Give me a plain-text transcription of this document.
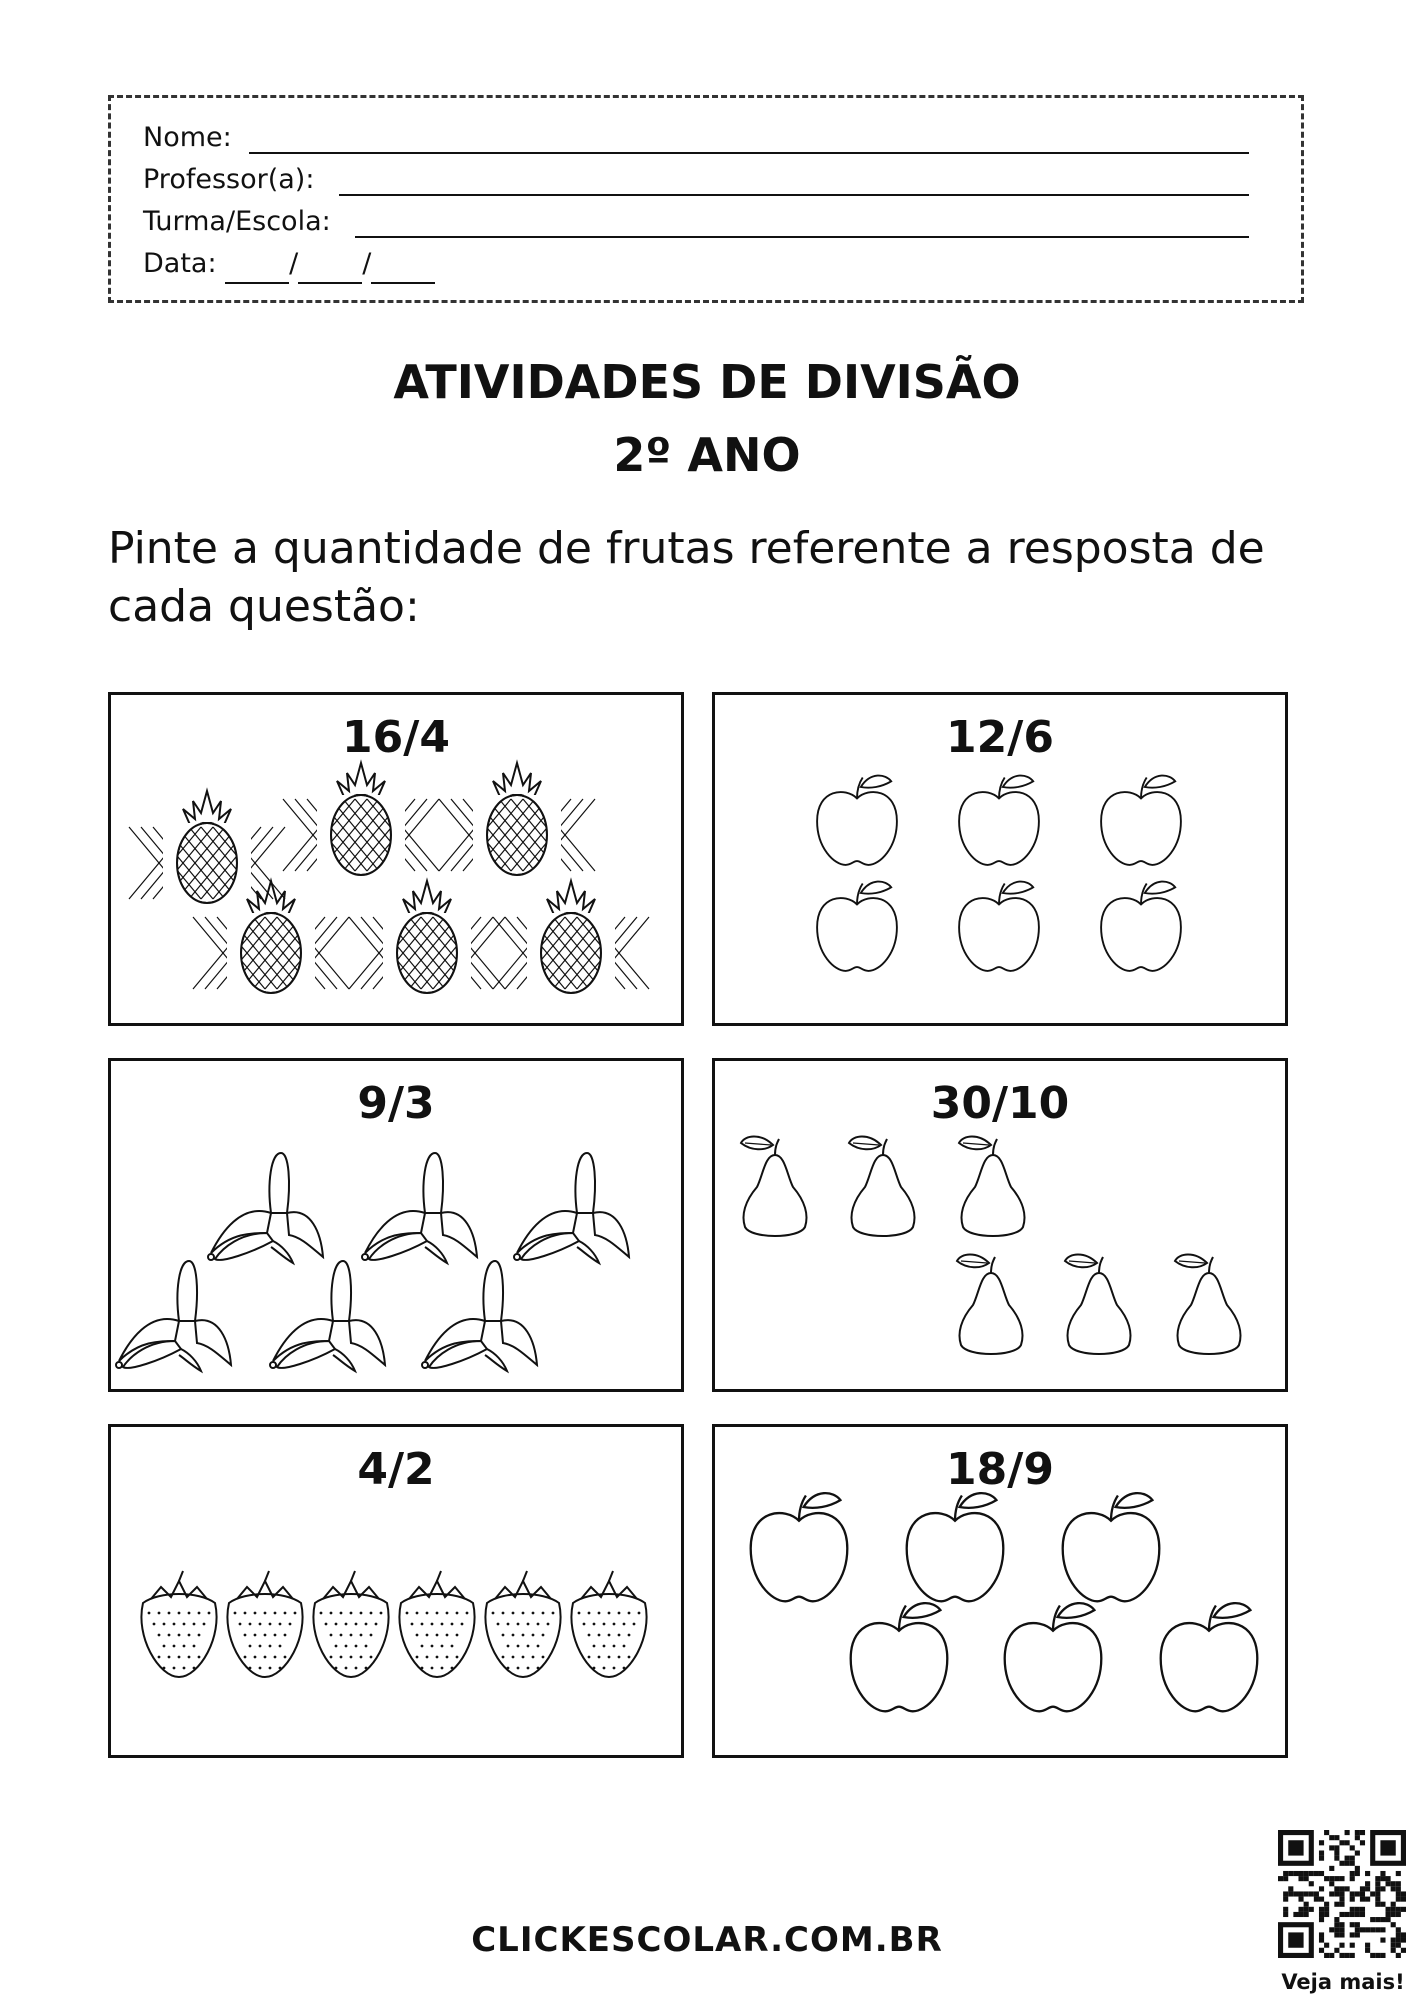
Nome:
Professor(a):
Turma/Escola:
Data:	/ /
ATIVIDADES DE DIVISÃO
2º ANO
Pinte a quantidade de frutas referente a resposta de cada questão:
16/4	12/6
9/3	30/10
4/2	18/9
CLICKESCOLAR.COM.BR
Veja mais!
